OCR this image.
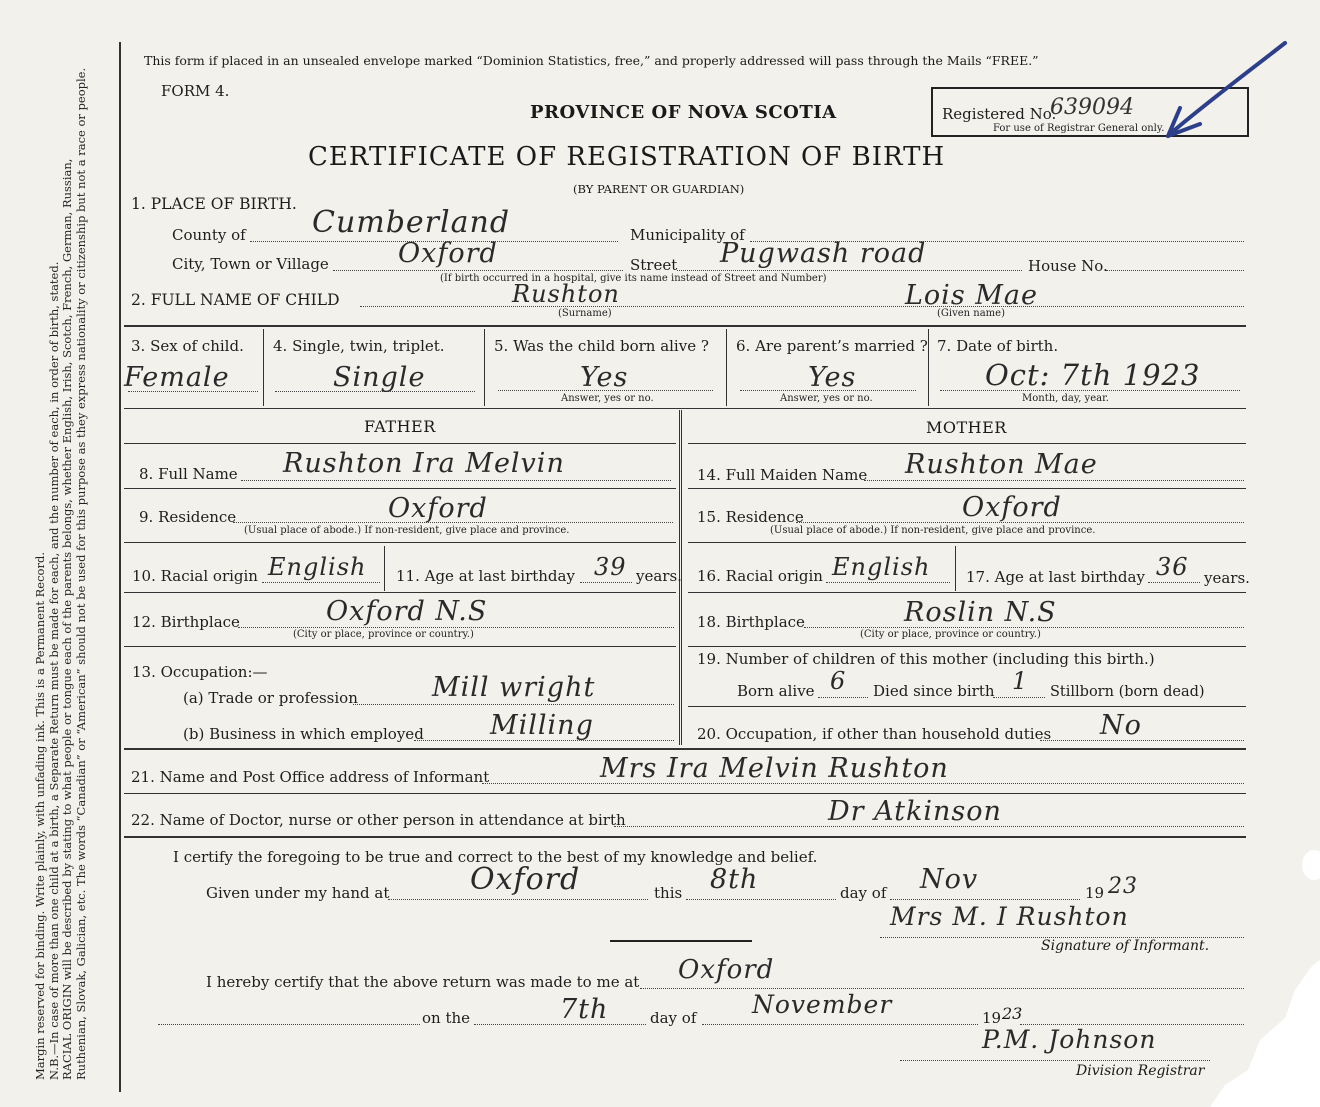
Margin reserved for binding. Write plainly, with unfading ink. This is a Permanent Record. N.B.—In case of more than one child at a birth, a Separate Return must be made for each, and the number of each, in order of birth, stated. RACIAL ORIGIN will be described by stating to what people or tongue each of the parents belongs, whether English, Irish, Scotch, French, German, Russian, Ruthenian, Slovak, Galician, etc. The words “Canadian” or “American” should not be used for this purpose as they express nationality or citizenship but not a race or people.

This form if placed in an unsealed envelope marked “Dominion Statistics, free,” and properly addressed will pass through the Mails “FREE.”
FORM 4.
PROVINCE OF NOVA SCOTIA
CERTIFICATE OF REGISTRATION OF BIRTH
(BY PARENT OR GUARDIAN)
Registered No.
639094
For use of Registrar General only.
1. PLACE OF BIRTH.
County of Cumberland	Municipality of
City, Town or Village	Oxford	Street Pugwash road	House No.
(If birth occurred in a hospital, give its name instead of Street and Number)
2. FULL NAME OF CHILD	Rushton
(Surname)
Lois Mae
(Given name)
3. Sex of child.
Female
4. Single, twin, triplet.
Single
5. Was the child born alive ?
Yes
Answer, yes or no.
6. Are parent’s married ?
Yes
Answer, yes or no.
7. Date of birth.
Oct: 7th 1923
Month, day, year.
FATHER	MOTHER
8. Full Name Rushton Ira Melvin
9. Residence	Oxford
(Usual place of abode.) If non-resident, give place and province.
10. Racial origin English 11. Age at last birthday 39 years.
12. Birthplace	Oxford N.S
(City or place, province or country.)
13. Occupation:—
(a) Trade or profession	Mill wright
(b) Business in which employed Milling
14. Full Maiden Name Rushton Mae
15. Residence	Oxford
(Usual place of abode.) If non-resident, give place and province.
16. Racial origin English 17. Age at last birthday 36 years.
18. Birthplace	Roslin N.S
(City or place, province or country.)
19. Number of children of this mother (including this birth.)
Born alive 6 Died since birth 1 Stillborn (born dead)
20. Occupation, if other than household duties No
21. Name and Post Office address of Informant	Mrs Ira Melvin Rushton
22. Name of Doctor, nurse or other person in attendance at birth	Dr Atkinson
I certify the foregoing to be true and correct to the best of my knowledge and belief.
Given under my hand at	Oxford	this 8th	day of Nov	19 23
Mrs M. I Rushton
Signature of Informant.
I hereby certify that the above return was made to me at Oxford
on the	7th	day of November	19 23
P.M. Johnson
Division Registrar
